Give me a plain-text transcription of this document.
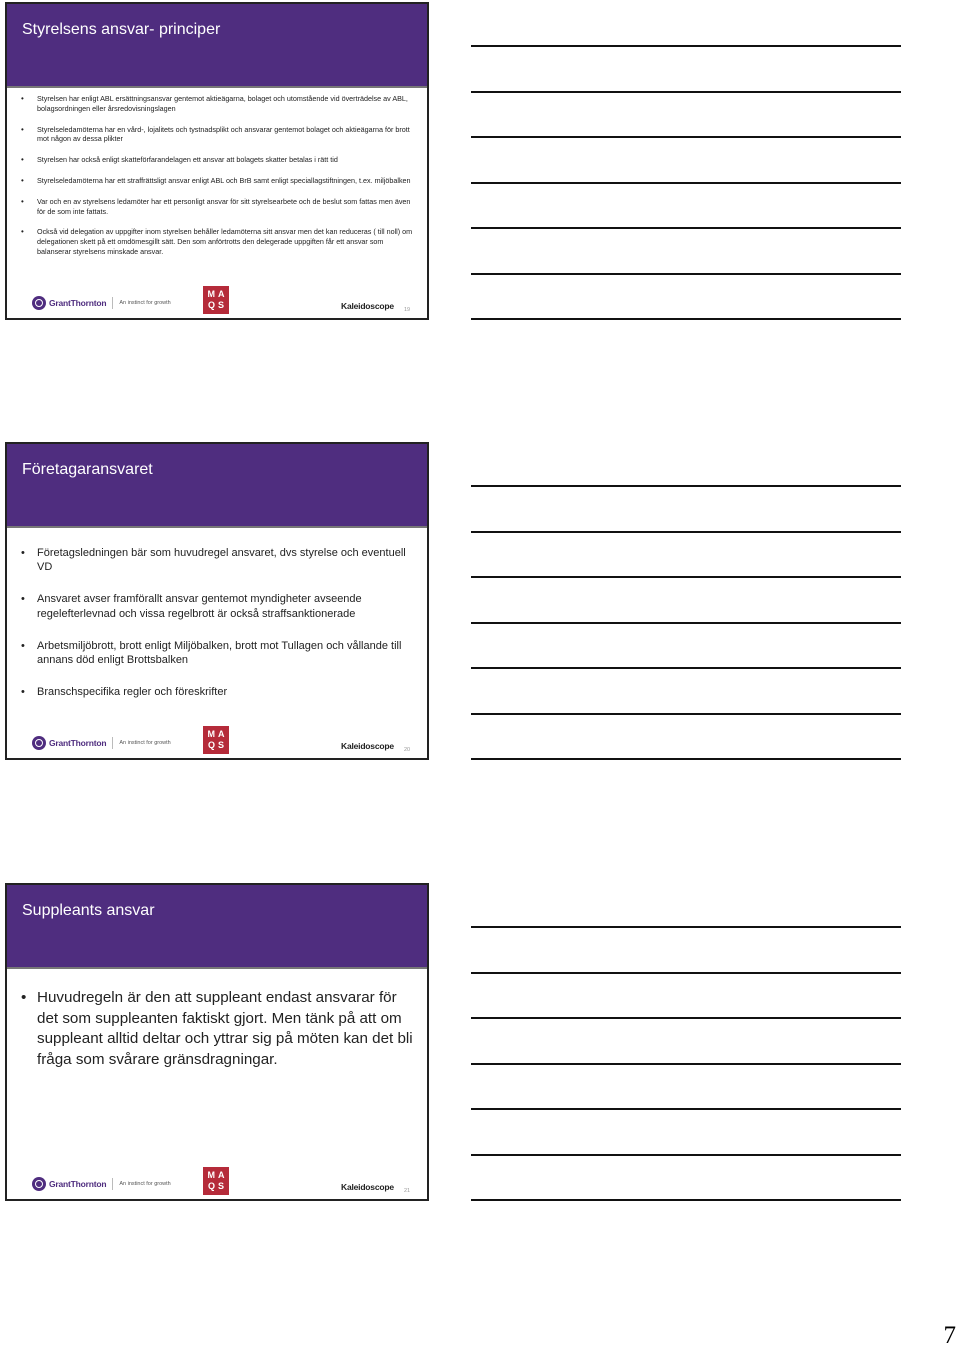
Styrelsens ansvar- principer
• Styrelsen har enligt ABL ersättningsansvar gentemot aktieägarna, bolaget och utomstående vid överträdelse av ABL, bolagsordningen eller årsredovisningslagen
• Styrelseledamöterna har en vård-, lojalitets och tystnadsplikt och ansvarar gentemot bolaget och aktieägarna för brott mot någon av dessa plikter
• Styrelsen har också enligt skatteförfarandelagen ett ansvar att bolagets skatter betalas i rätt tid
• Styrelseledamöterna har ett straffrättsligt ansvar enligt ABL och BrB samt enligt speciallagstiftningen, t.ex. miljöbalken
• Var och en av styrelsens ledamöter har ett personligt ansvar för sitt styrelsearbete och de beslut som fattas men även för de som inte fattats.
• Också vid delegation av uppgifter inom styrelsen behåller ledamöterna sitt ansvar men det kan reduceras ( till noll) om delegationen skett på ett omdömesgillt sätt. Den som anförtrotts den delegerade uppgiften får ett ansvar som balanserar styrelsens minskade ansvar.
GrantThornton An instinct for growth
MA
QS	Kaleidoscope 19
Företagaransvaret
• Företagsledningen bär som huvudregel ansvaret, dvs styrelse och eventuell VD
• Ansvaret avser framförallt ansvar gentemot myndigheter avseende regelefterlevnad och vissa regelbrott är också straffsanktionerade
• Arbetsmiljöbrott, brott enligt Miljöbalken, brott mot Tullagen och vållande till annans död enligt Brottsbalken
• Branschspecifika regler och föreskrifter
GrantThornton An instinct for growth
MA
QS	Kaleidoscope 20
Suppleants ansvar
• Huvudregeln är den att suppleant endast ansvarar för det som suppleanten faktiskt gjort. Men tänk på att om suppleant alltid deltar och yttrar sig på möten kan det bli fråga som svårare gränsdragningar.
GrantThornton An instinct for growth
MA
QS	Kaleidoscope 21
7
